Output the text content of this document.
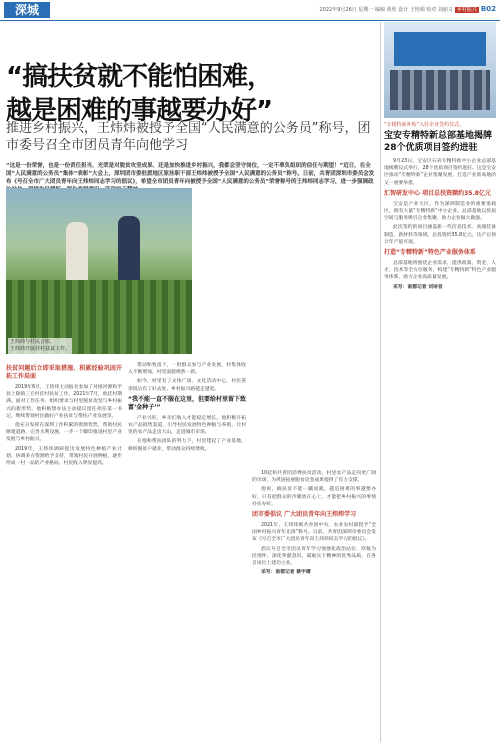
深城	2022年9月26日 星期一 编辑 黄欣 设计 王艳娟 校对 刘丽文 乡村振兴 B02
“搞扶贫就不能怕困难，
越是困难的事越要办好”
推进乡村振兴，王炜炜被授予全国“人民满意的公务员”称号，团市委号召全市团员青年向他学习
“这是一份荣誉，也是一份责任担当，光荣是对脱贫攻坚成果、还是加快推进乡村振兴，我都会坚守岗位，一定不辜负组织的信任与期望！”近日，在全国“人民满意的公务员”集体“表彰”大会上，深圳团市委驻派地区原挂职干部王炜炜被授予全国“人民满意的公务员”称号。日前，共青团深圳市委员会发布《号召全市广大团员青年向王炜炜同志学习的倡议》，希望全市团员青年向被授予全国“人民满意的公务员”荣誉称号的王炜炜同志学习，进一步强调政
王炜炜与村民合影。
王炜炜开展挂村扶贫工作。
扶贫问题后立即采取措施、积累经验巩固开拓工作局面

2019年6月，王炜炜主动报名参加了对接河源和平县上陵镇三丘村挂村扶贫工作，2021年7月，他挂村期满。面对工作任务、组织要求与村里脱贫攻坚与乡村振兴的新形势，他积极想办法主动提议留任担任第一书记，继续带领村民做好产业扶贫与帮扶产业发展等。

他充分发挥在深圳工作积累的资源优势，帮助村民修建道路、完善水利设施，一步一个脚印推进村里产业发展与乡村振兴。

2019年，王炜炜调研提出发展特色种植产业计划，协调多方资源给予支持，带领村民开展种植，逐步形成一村一品的产业格局，村民收入明显提高。

带动和致富下，一批群众参与产业发展，村集体收入不断增加，村里面貌焕然一新。

如今，村里有了文体广场、文化活动中心，村民茶余饭后有了好去处，乡村振兴路越走越宽。

“我不能一直不服在这里，但要给村里留下致富‘金种子’”

产业兴旺，乡亲们收入才能稳定增长。他积极开拓农产品销售渠道，引导村民发展特色种植与养殖，让村里的农产品走出大山，走进城市市场。

在他和帮扶团队的努力下，村里建起了产业基地，吸纳脱贫户就业，带动群众持续增收。

10起和共青团消费扶贫活动，村里农产品走向更广阔的市场，为巩固拓展脱贫攻坚成果提供了有力支撑。

他说，搞扶贫不能一蹴而就，越是困难的事越要办好，只有把群众的冷暖放在心上，才能把乡村振兴的事情办实办好。

团市委倡议 广大团员青年向王炜炜学习

2021年，王炜炜被共青团中央、农业农村部授予“全国乡村振兴青年先锋”称号。日前，共青团深圳市委员会发布《号召全市广大团员青年向王炜炜同志学习的倡议》。

倡议号召全市团员青年学习他强化政治站位、厚植为民情怀、深化奉献意识、砥砺实干精神的优秀品质，在各自岗位上建功立业。

采写：南都记者 蔡宇晴

“专精特新补贴”入驻企业签约仪式。
宝安专精特新总部基地揭牌 28个优质项目签约进驻

9月23日，宝安区石岩专精特新中小企业总部基地揭牌仪式举行，28个优质项目签约进驻。这是宝安区推动“专精特新”企业集聚发展、打造产业新高地的又一重要举措。

汇智研发中心 项目总投资额约35.8亿元

宝安是产业大区，作为深圳制造业的重要承载区，拥有大量“专精特新”中小企业。总部基地以优质空间与服务吸引企业集聚，助力企业做大做强。

此次签约的项目涵盖新一代信息技术、高端装备制造、新材料等领域，总投资约35.8亿元，达产后预计年产值可观。

打造“专精特新”特色产业服务体系

总部基地将围绕企业需求，提供政策、资金、人才、技术等全方位服务，构建“专精特新”特色产业服务体系，助力企业高质量发展。

采写：南都记者 刘诗音
